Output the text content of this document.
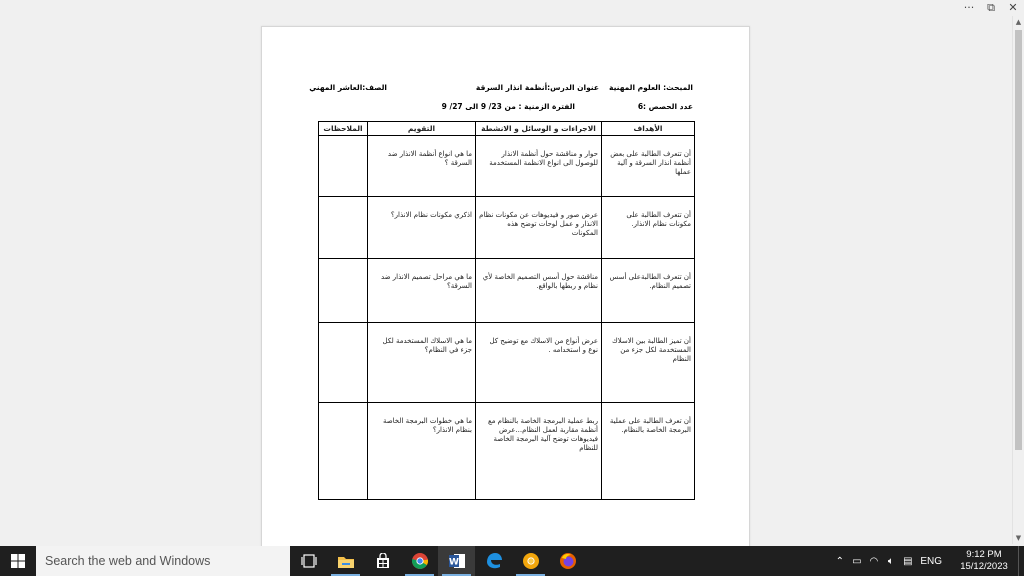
···	⧉	✕
▲
▼
المبحث: العلوم المهنية
عنوان الدرس:أنظمة انذار السرقة
الصف:العاشر المهني
عدد الحصص :6
الفترة الزمنية : من 23/ 9 الى 27/ 9
الأهداف	الاجراءات و الوسائل و الانشطة	التقويم	الملاحظات
أن تتعرف الطالبة على بعض أنظمة انذار السرقة و آلية عملها	حوار و مناقشة حول أنظمة الانذار للوصول الى انواع الانظمة المستخدمة	ما هي انواع أنظمة الانذار ضد السرقة ؟	
أن تتعرف الطالبة على مكونات نظام الانذار.	عرض صور و فيديوهات عن مكونات نظام الانذار و عمل لوحات توضح هذه المكونات	اذكري مكونات نظام الانذار؟	
أن تتعرف الطالبةعلى أسس تصميم النظام.	مناقشة حول أسس التصميم الخاصة لأي نظام و ربطها بالواقع.	ما هي مراحل تصميم الانذار ضد السرقة؟	
أن تميز الطالبة بين الاسلاك المستخدمة لكل جزء من النظام	عرض أنواع من الاسلاك مع توضيح كل نوع و استخدامه .	ما هي الاسلاك المستخدمة لكل جزء في النظام؟	
أن تعرف الطالبة على عملية البرمجة الخاصة بالنظام.	ربط عملية البرمجة الخاصة بالنظام مع أنظمة مقاربة لعمل النظام...عرض فيديوهات توضح آلية البرمجة الخاصة للنظام	ما هي خطوات البرمجة الخاصة بنظام الانذار؟	
Search the web and Windows
W	⌃ ▭ ◠ 🔈︎ ▤ ENG
9:12 PM
15/12/2023
